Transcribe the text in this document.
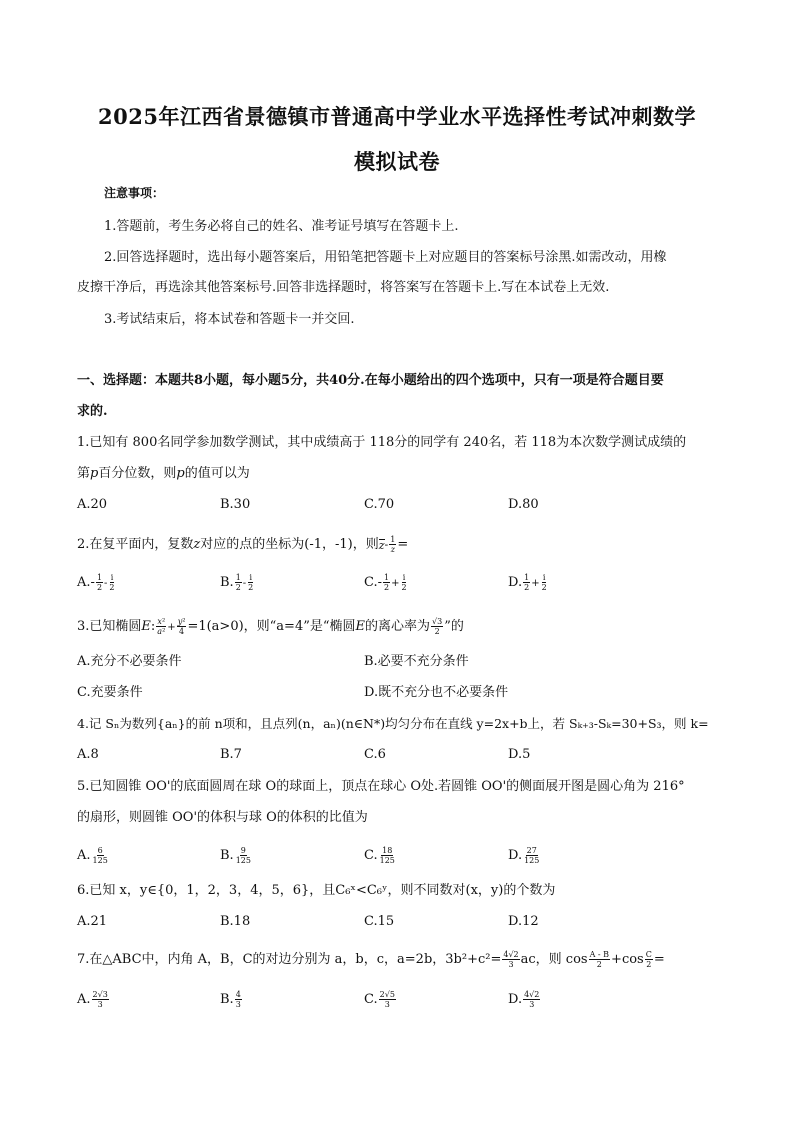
2025年江西省景德镇市普通高中学业水平选择性考试冲刺数学
模拟试卷
注意事项：
1.答题前，考生务必将自己的姓名、准考证号填写在答题卡上.
2.回答选择题时，选出每小题答案后，用铅笔把答题卡上对应题目的答案标号涂黑.如需改动，用橡
皮擦干净后，再选涂其他答案标号.回答非选择题时，将答案写在答题卡上.写在本试卷上无效.
3.考试结束后，将本试卷和答题卡一并交回.
一、选择题：本题共8小题，每小题5分，共40分.在每小题给出的四个选项中，只有一项是符合题目要
求的.
1.已知有 800名同学参加数学测试，其中成绩高于 118分的同学有 240名，若 118为本次数学测试成绩的
第p百分位数，则p的值可以为
A.20	B.30	C.70	D.80
2.在复平面内，复数z对应的点的坐标为(-1，-1)，则$z- \frac{1}{z}$ =
$A.- \frac{1}{2} - \frac{i}{2}$	B. $\frac{1}{2} - \frac{i}{2}$	$C.- \frac{1}{2} + \frac{i}{2}$	D. $\frac{1}{2} + \frac{i}{2}$
3.已知椭圆E: $\frac{\text{x²}}{\text{a²}} + \frac{\text{y²}}{4} =1(a>0)$，则“a=4”是“椭圆E的离心率为 $\frac{√3}{2}$ ”的
A.充分不必要条件	B.必要不充分条件
C.充要条件	D.既不充分也不必要条件
4.记 Sₙ为数列{aₙ}的前 n项和，且点列(n，aₙ)(n∈N*)均匀分布在直线 y=2x+b上，若 Sₖ₊₃-Sₖ=30+S₃，则 k=
A.8	B.7	C.6	D.5
5.已知圆锥 OO'的底面圆周在球 O的球面上，顶点在球心 O处.若圆锥 OO'的侧面展开图是圆心角为 216°
的扇形，则圆锥 OO'的体积与球 O的体积的比值为
A. $\frac{6}{125}$	B. $\frac{9}{125}$	C. $\frac{18}{125}$	D. $\frac{27}{125}$
6.已知 x，y∈{0，1，2，3，4，5，6}，且C₆ˣ<C₆ʸ，则不同数对(x，y)的个数为
A.21	B.18	C.15	D.12
7.在△ABC中，内角 A，B，C的对边分别为 a，b，c，a=2b，$3b^2+c^2= \frac{4√2}{3}$ ac，则 $\cos \frac{A - B}{2} +\cos \frac{C}{2}$ =
A. $\frac{2√3}{3}$	B. $\frac{4}{3}$	C. $\frac{2√5}{3}$	D. $\frac{4√2}{3}$
